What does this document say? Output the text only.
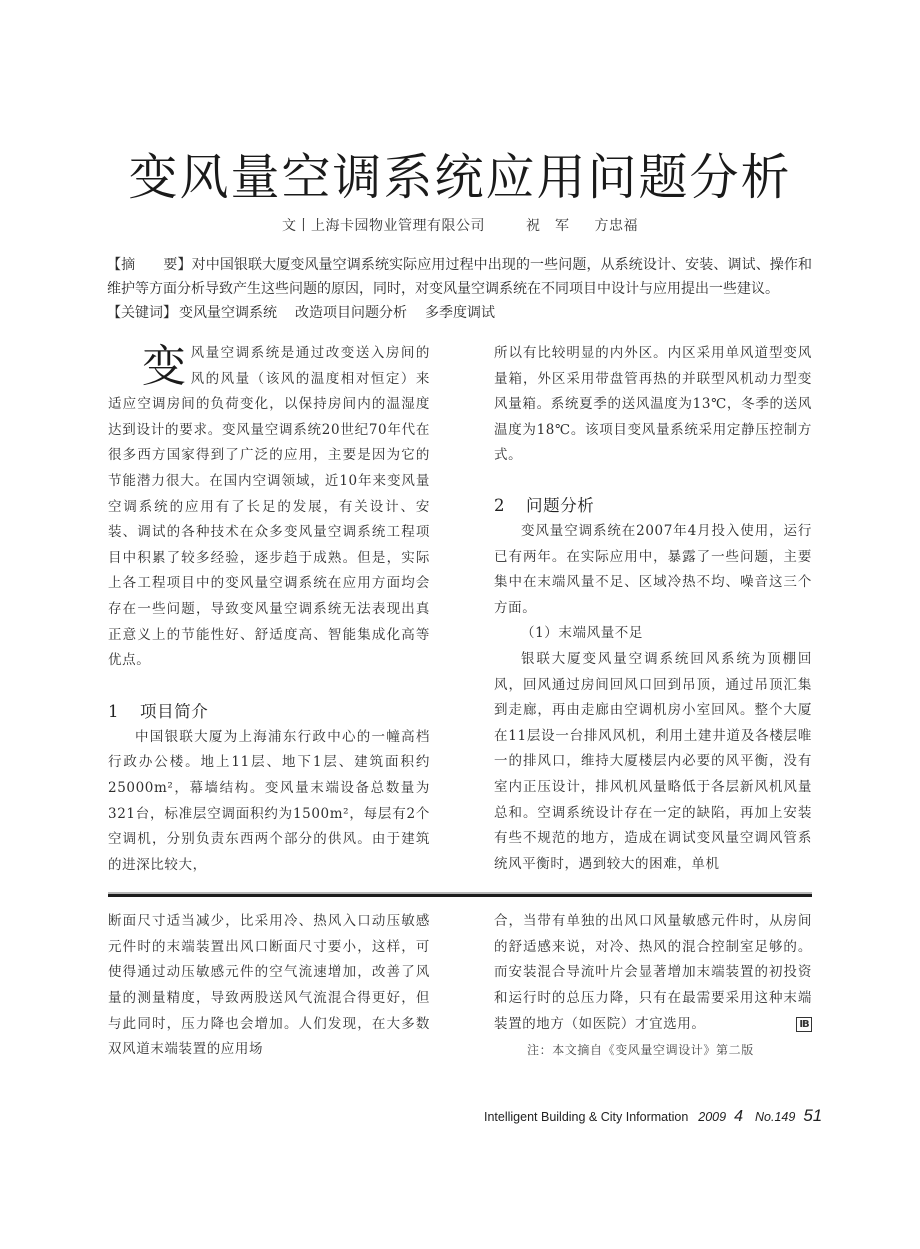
变风量空调系统应用问题分析
文丨上海卡园物业管理有限公司	祝　军 方忠福
【摘　　要】对中国银联大厦变风量空调系统实际应用过程中出现的一些问题，从系统设计、安装、调试、操作和维护等方面分析导致产生这些问题的原因，同时，对变风量空调系统在不同项目中设计与应用提出一些建议。
【关键词】 变风量空调系统 改造项目问题分析 多季度调试

变风量空调系统是通过改变送入房间的风的风量（该风的温度相对恒定）来适应空调房间的负荷变化，以保持房间内的温湿度达到设计的要求。变风量空调系统20世纪70年代在很多西方国家得到了广泛的应用，主要是因为它的节能潜力很大。在国内空调领域，近10年来变风量空调系统的应用有了长足的发展，有关设计、安装、调试的各种技术在众多变风量空调系统工程项目中积累了较多经验，逐步趋于成熟。但是，实际上各工程项目中的变风量空调系统在应用方面均会存在一些问题，导致变风量空调系统无法表现出真正意义上的节能性好、舒适度高、智能集成化高等优点。

1 项目简介

中国银联大厦为上海浦东行政中心的一幢高档行政办公楼。地上11层、地下1层、建筑面积约25000m²，幕墙结构。变风量末端设备总数量为321台，标准层空调面积约为1500m²，每层有2个空调机，分别负责东西两个部分的供风。由于建筑的进深比较大，

所以有比较明显的内外区。内区采用单风道型变风量箱，外区采用带盘管再热的并联型风机动力型变风量箱。系统夏季的送风温度为13℃，冬季的送风温度为18℃。该项目变风量系统采用定静压控制方式。

2 问题分析

变风量空调系统在2007年4月投入使用，运行已有两年。在实际应用中，暴露了一些问题，主要集中在末端风量不足、区域冷热不均、噪音这三个方面。

（1）末端风量不足

银联大厦变风量空调系统回风系统为顶棚回风，回风通过房间回风口回到吊顶，通过吊顶汇集到走廊，再由走廊由空调机房小室回风。整个大厦在11层设一台排风风机，利用土建井道及各楼层唯一的排风口，维持大厦楼层内必要的风平衡，没有室内正压设计，排风机风量略低于各层新风机风量总和。空调系统设计存在一定的缺陷，再加上安装有些不规范的地方，造成在调试变风量空调风管系统风平衡时，遇到较大的困难，单机

断面尺寸适当减少，比采用冷、热风入口动压敏感元件时的末端装置出风口断面尺寸要小，这样，可使得通过动压敏感元件的空气流速增加，改善了风量的测量精度，导致两股送风气流混合得更好，但与此同时，压力降也会增加。人们发现，在大多数双风道末端装置的应用场

合，当带有单独的出风口风量敏感元件时，从房间的舒适感来说，对冷、热风的混合控制室足够的。而安装混合导流叶片会显著增加末端装置的初投资和运行时的总压力降，只有在最需要采用这种末端装置的地方（如医院）才宜选用。	IB

注：本文摘自《变风量空调设计》第二版
Intelligent Building & City Information 2009 4 No.149 51
